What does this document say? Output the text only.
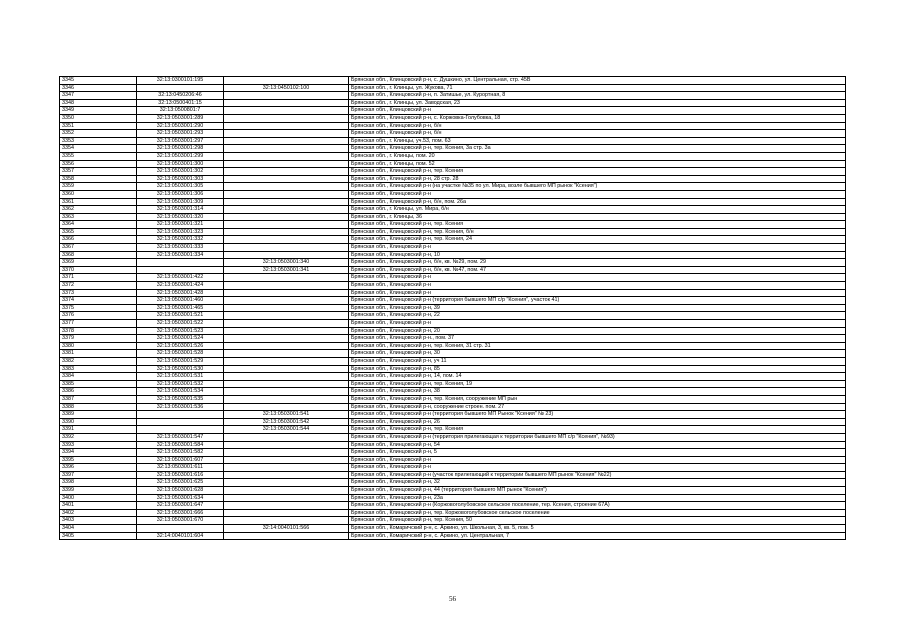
3345	32:13:0300101:195		Брянская обл., Клинцовский р-н, с. Душкино, ул. Центральная, стр. 45В
3346		32:13:0450102:100	Брянская обл., г. Клинцы, ул. Жукова, 71
3347	32:13:0450206:46		Брянская обл., Клинцовский р-н, п. Затишье, ул. Курортная, 8
3348	32:13:0500401:15		Брянская обл., г. Клинцы, ул. Заводская, 23
3349	32:13:0500801:7		Брянская обл., Клинцовский р-н
3350	32:13:0503001:289		Брянская обл., Клинцовский р-н, с. Коржовка-Голубовка, 18
3351	32:13:0503001:290		Брянская обл., Клинцовский р-н, б/н
3352	32:13:0503001:293		Брянская обл., Клинцовский р-н, б/н
3353	32:13:0503001:297		Брянская обл., г. Клинцы, уч.53, пом. 63
3354	32:13:0503001:298		Брянская обл., Клинцовский р-н, тер. Ксения, 3а стр. 3а
3355	32:13:0503001:299		Брянская обл., г. Клинцы, пом. 20
3356	32:13:0503001:300		Брянская обл., г. Клинцы, пом. 52
3357	32:13:0503001:302		Брянская обл., Клинцовский р-н, тер. Ксения
3358	32:13:0503001:303		Брянская обл., Клинцовский р-н, 28 стр. 28
3359	32:13:0503001:305		Брянская обл., Клинцовский р-н (на участке №35 по ул. Мира, возле бывшего МП рынок "Ксения")
3360	32:13:0503001:306		Брянская обл., Клинцовский р-н
3361	32:13:0503001:309		Брянская обл., Клинцовский р-н, б/н, пом. 26а
3362	32:13:0503001:314		Брянская обл., г. Клинцы, ул. Мира, б/н
3363	32:13:0503001:320		Брянская обл., г. Клинцы, 36
3364	32:13:0503001:321		Брянская обл., Клинцовский р-н, тер. Ксения
3365	32:13:0503001:323		Брянская обл., Клинцовский р-н, тер. Ксения, б/н
3366	32:13:0503001:332		Брянская обл., Клинцовский р-н, тер. Ксения, 24
3367	32:13:0503001:333		Брянская обл., Клинцовский р-н
3368	32:13:0503001:334		Брянская обл., Клинцовский р-н, 10
3369		32:13:0503001:340	Брянская обл., Клинцовский р-н, б/н, кв. №29, пом. 29
3370		32:13:0503001:341	Брянская обл., Клинцовский р-н, б/н, кв. №47, пом. 47
3371	32:13:0503001:422		Брянская обл., Клинцовский р-н
3372	32:13:0503001:424		Брянская обл., Клинцовский р-н
3373	32:13:0503001:428		Брянская обл., Клинцовский р-н
3374	32:13:0503001:460		Брянская обл., Клинцовский р-н (территория бывшего МП с/р "Ксения", участок 41)
3375	32:13:0503001:465		Брянская обл., Клинцовский р-н, 39
3376	32:13:0503001:521		Брянская обл., Клинцовский р-н, 22
3377	32:13:0503001:522		Брянская обл., Клинцовский р-н
3378	32:13:0503001:523		Брянская обл., Клинцовский р-н, 20
3379	32:13:0503001:524		Брянская обл., Клинцовский р-н., пом. 37
3380	32:13:0503001:526		Брянская обл., Клинцовский р-н, тер. Ксения, 31 стр. 31
3381	32:13:0503001:528		Брянская обл., Клинцовский р-н, 30
3382	32:13:0503001:529		Брянская обл., Клинцовский р-н, уч 11
3383	32:13:0503001:530		Брянская обл., Клинцовский р-н, 85
3384	32:13:0503001:531		Брянская обл., Клинцовский р-н, 14, пом. 14
3385	32:13:0503001:532		Брянская обл., Клинцовский р-н, тер. Ксения, 19
3386	32:13:0503001:534		Брянская обл., Клинцовский р-н, 38
3387	32:13:0503001:535		Брянская обл., Клинцовский р-н, тер. Ксения, сооружение МП рын
3388	32:13:0503001:536		Брянская обл., Клинцовский р-н, сооружение строен. пом. 27
3389		32:13:0503001:541	Брянская обл., Клинцовский р-н (территория бывшего МП Рынок "Ксения" № 23)
3390		32:13:0503001:542	Брянская обл., Клинцовский р-н, 26
3391		32:13:0503001:544	Брянская обл., Клинцовский р-н, тер. Ксения
3392	32:13:0503001:547		Брянская обл., Клинцовский р-н (территория прилегающая к территории бывшего МП с/р "Ксения", №93)
3393	32:13:0503001:584		Брянская обл., Клинцовский р-н, 54
3394	32:13:0503001:582		Брянская обл., Клинцовский р-н, 5
3395	32:13:0503001:607		Брянская обл., Клинцовский р-н
3396	32:13:0503001:611		Брянская обл., Клинцовский р-н
3397	32:13:0503001:616		Брянская обл., Клинцовский р-н (участок прилегающий к территории бывшего МП рынок "Ксения" №22)
3398	32:13:0503001:625		Брянская обл., Клинцовский р-н, 32
3399	32:13:0503001:628		Брянская обл., Клинцовский р-н, 44 (территория бывшего МП рынок "Ксения")
3400	32:13:0503001:634		Брянская обл., Клинцовский р-н, 23а
3401	32:13:0503001:647		Брянская обл., Клинцовский р-н (Коржовоголубовское сельское поселение, тер. Ксения, строение 67А)
3402	32:13:0503001:666		Брянская обл., Клинцовский р-н, тер. Коржовоголубовское сельское поселение
3403	32:13:0503001:670		Брянская обл., Клинцовский р-н, тер. Ксения, 50
3404		32:14:0040101:566	Брянская обл., Комаричский р-н, с. Аркино, ул. Школьная, 3, кв. 5, пом. 5
3405	32:14:0040101:604		Брянская обл., Комаричский р-н, с. Аркино, ул. Центральная, 7
56
